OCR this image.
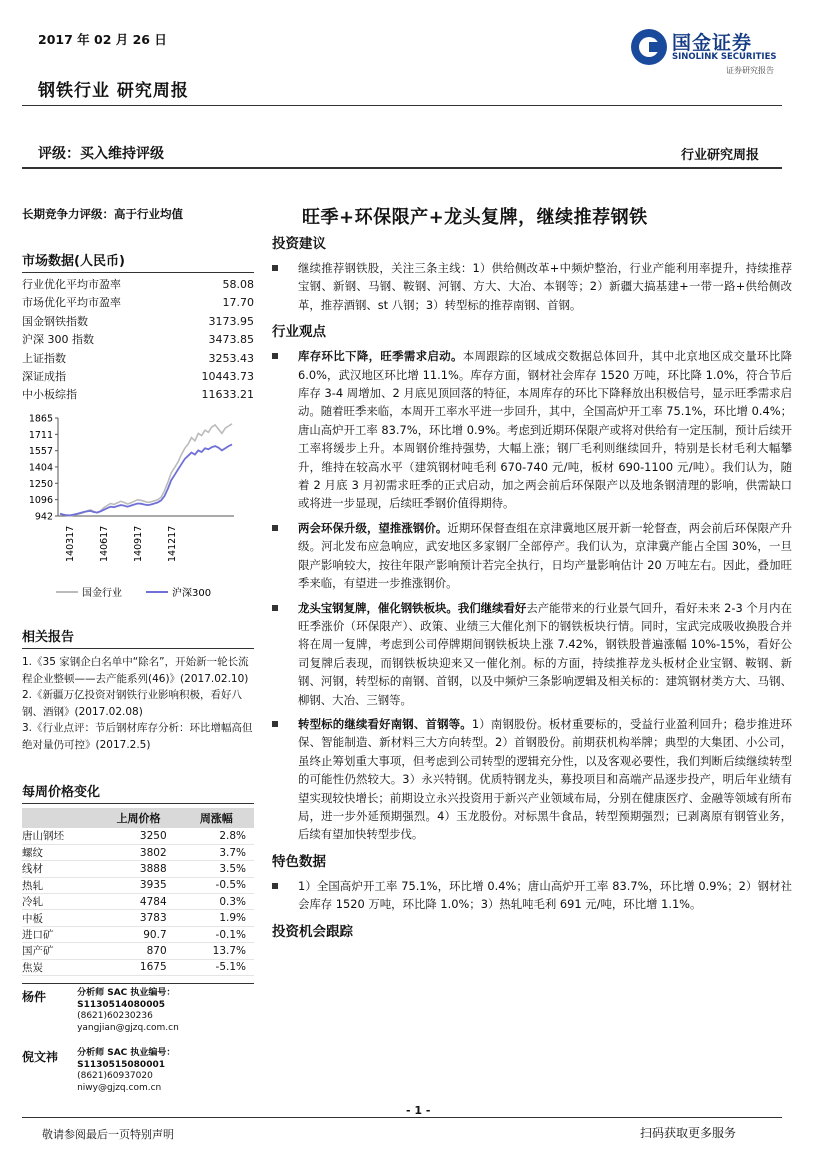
2017 年 02 月 26 日
钢铁行业 研究周报
国金证券
SINOLINK SECURITIES
证券研究报告
评级：买入维持评级	行业研究周报
长期竞争力评级：高于行业均值
市场数据(人民币)
行业优化平均市盈率	58.08
市场优化平均市盈率	17.70
国金钢铁指数	3173.95
沪深 300 指数	3473.85
上证指数	3253.43
深证成指	10443.73
中小板综指	11633.21
1865
1711
1557
1404
1250
1096
942
140317 140617 140917 141217
国金行业	沪深300
相关报告

1.《35 家钢企白名单中“除名”，开始新一轮长流程企业整顿——去产能系列(46)》(2017.02.10)

2.《新疆万亿投资对钢铁行业影响积极，看好八钢、酒钢》(2017.02.08)

3.《行业点评：节后钢材库存分析：环比增幅高但绝对量仍可控》(2017.2.5)

每周价格变化
	上周价格	周涨幅
唐山钢坯	3250	2.8%
螺纹	3802	3.7%
线材	3888	3.5%
热轧	3935	-0.5%
冷轧	4784	0.3%
中板	3783	1.9%
进口矿	90.7	-0.1%
国产矿	870	13.7%
焦炭	1675	-5.1%
杨件	分析师 SAC 执业编号：S1130514080005
(8621)60230236
yangjian@gjzq.com.cn
倪文祎	分析师 SAC 执业编号：S1130515080001
(8621)60937020
niwy@gjzq.com.cn
旺季+环保限产+龙头复牌，继续推荐钢铁
投资建议
继续推荐钢铁股，关注三条主线：1）供给侧改革+中频炉整治，行业产能利用率提升，持续推荐宝钢、新钢、马钢、鞍钢、河钢、方大、大冶、本钢等；2）新疆大搞基建+一带一路+供给侧改革，推荐酒钢、st 八钢；3）转型标的推荐南钢、首钢。
行业观点
库存环比下降，旺季需求启动。本周跟踪的区域成交数据总体回升，其中北京地区成交量环比降 6.0%，武汉地区环比增 11.1%。库存方面，钢材社会库存 1520 万吨，环比降 1.0%，符合节后库存 3-4 周增加、2 月底见顶回落的特征，本周库存的环比下降释放出积极信号，显示旺季需求启动。随着旺季来临，本周开工率水平进一步回升，其中，全国高炉开工率 75.1%，环比增 0.4%；唐山高炉开工率 83.7%，环比增 0.9%。考虑到近期环保限产或将对供给有一定压制，预计后续开工率将缓步上升。本周钢价维持强势，大幅上涨；钢厂毛利则继续回升，特别是长材毛利大幅攀升，维持在较高水平（建筑钢材吨毛利 670-740 元/吨，板材 690-1100 元/吨）。我们认为，随着 2 月底 3 月初需求旺季的正式启动，加之两会前后环保限产以及地条钢清理的影响，供需缺口或将进一步显现，后续旺季钢价值得期待。
两会环保升级，望推涨钢价。近期环保督查组在京津冀地区展开新一轮督查，两会前后环保限产升级。河北发布应急响应，武安地区多家钢厂全部停产。我们认为，京津冀产能占全国 30%，一旦限产影响较大，按往年限产影响预计若完全执行，日均产量影响估计 20 万吨左右。因此，叠加旺季来临，有望进一步推涨钢价。
龙头宝钢复牌，催化钢铁板块。我们继续看好去产能带来的行业景气回升，看好未来 2-3 个月内在旺季涨价（环保限产）、政策、业绩三大催化剂下的钢铁板块行情。同时，宝武完成吸收换股合并将在周一复牌，考虑到公司停牌期间钢铁板块上涨 7.42%，钢铁股普遍涨幅 10%-15%，看好公司复牌后表现，而钢铁板块迎来又一催化剂。标的方面，持续推荐龙头板材企业宝钢、鞍钢、新钢、河钢，转型标的南钢、首钢，以及中频炉三条影响逻辑及相关标的：建筑钢材类方大、马钢、柳钢、大冶、三钢等。
转型标的继续看好南钢、首钢等。1）南钢股份。板材重要标的，受益行业盈利回升；稳步推进环保、智能制造、新材料三大方向转型。2）首钢股份。前期获机构举牌；典型的大集团、小公司，虽终止筹划重大事项，但考虑到公司转型的逻辑充分性，以及客观必要性，我们判断后续继续转型的可能性仍然较大。3）永兴特钢。优质特钢龙头，募投项目和高端产品逐步投产，明后年业绩有望实现较快增长；前期设立永兴投资用于新兴产业领域布局，分别在健康医疗、金融等领域有所布局，进一步外延预期强烈。4）玉龙股份。对标黑牛食品，转型预期强烈；已剥离原有钢管业务，后续有望加快转型步伐。
特色数据
1）全国高炉开工率 75.1%，环比增 0.4%；唐山高炉开工率 83.7%，环比增 0.9%；2）钢材社会库存 1520 万吨，环比降 1.0%；3）热轧吨毛利 691 元/吨，环比增 1.1%。
投资机会跟踪
- 1 -
敬请参阅最后一页特别声明	扫码获取更多服务
